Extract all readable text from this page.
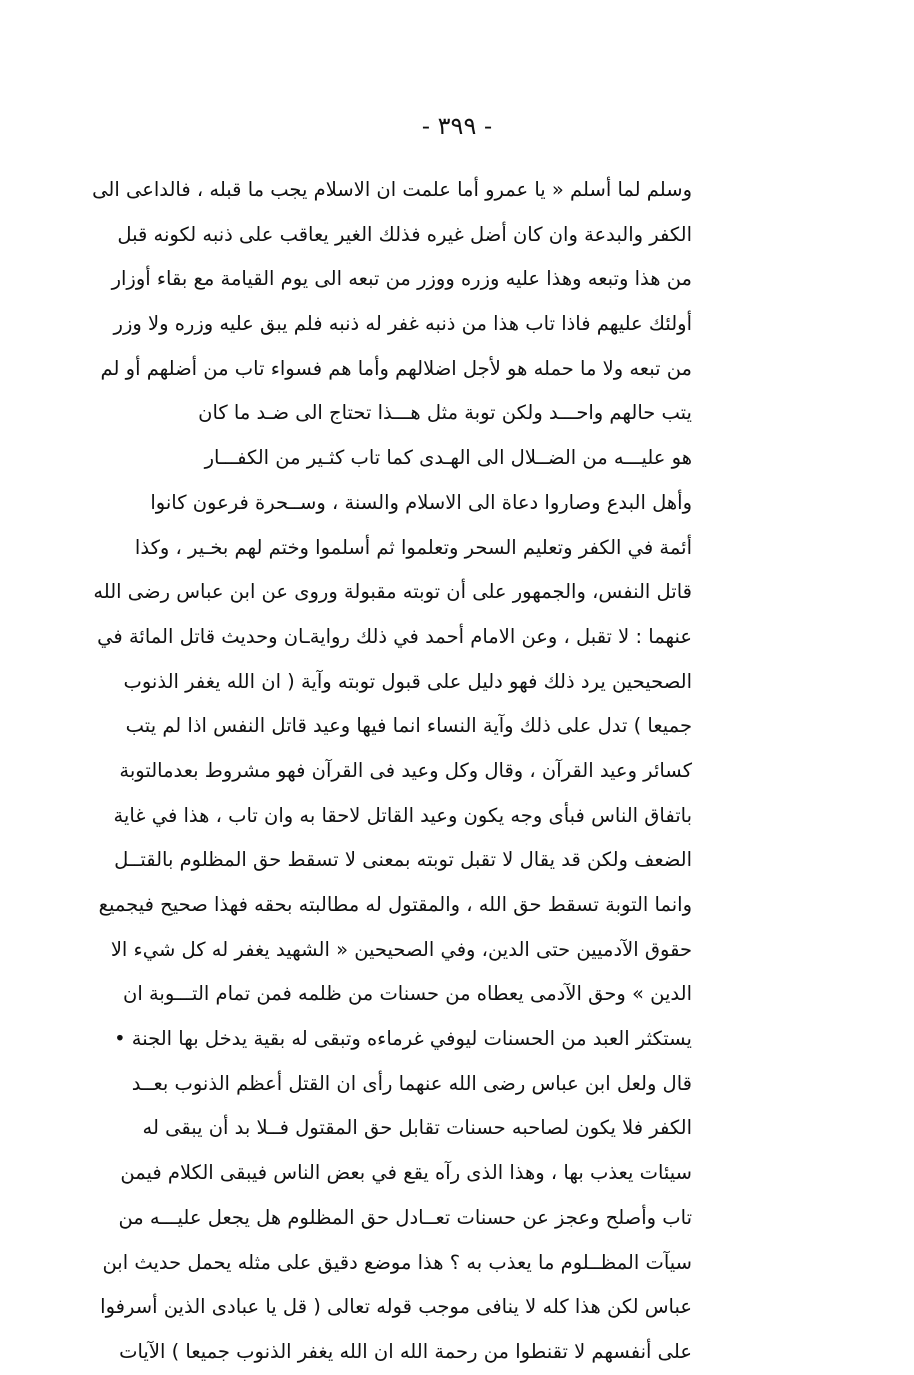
- ٣٩٩ -
وسلم لما أسلم « يا عمرو أما علمت ان الاسلام يجب ما قبله ، فالداعى الى
الكفر والبدعة وان كان أضل غيره فذلك الغير يعاقب على ذنبه لكونه قبل
من هذا وتبعه وهذا عليه وزره ووزر من تبعه الى يوم القيامة مع بقاء أوزار
أولئك عليهم فاذا تاب هذا من ذنبه غفر له ذنبه فلم يبق عليه وزره ولا وزر
من تبعه ولا ما حمله هو لأجل اضلالهم وأما هم فسواء تاب من أضلهم أو لم
يتب حالهم واحـــد ولكن توبة مثل هـــذا تحتاج الى ضـد ما كان
هو عليـــه من الضــلال الى الهـدى كما تاب كثـير من الكفـــار
وأهل البدع وصاروا دعاة الى الاسلام والسنة ، وســحرة فرعون كانوا
أئمة في الكفر وتعليم السحر وتعلموا ثم أسلموا وختم لهم بخـير ، وكذا
قاتل النفس، والجمهور على أن توبته مقبولة وروى عن ابن عباس رضى الله
عنهما : لا تقبل ، وعن الامام أحمد في ذلك روايةـان وحديث قاتل المائة في
الصحيحين يرد ذلك فهو دليل على قبول توبته وآية ( ان الله يغفر الذنوب
جميعا ) تدل على ذلك وآية النساء انما فيها وعيد قاتل النفس اذا لم يتب
كسائر وعيد القرآن ، وقال وكل وعيد فى القرآن فهو مشروط بعدمالتوبة
باتفاق الناس فبأى وجه يكون وعيد القاتل لاحقا به وان تاب ، هذا في غاية
الضعف ولكن قد يقال لا تقبل توبته بمعنى لا تسقط حق المظلوم بالقتــل
وانما التوبة تسقط حق الله ، والمقتول له مطالبته بحقه فهذا صحيح فيجميع
حقوق الآدميين حتى الدين، وفي الصحيحين « الشهيد يغفر له كل شيء الا
الدين » وحق الآدمى يعطاه من حسنات من ظلمه فمن تمام التـــوبة ان
يستكثر العبد من الحسنات ليوفي غرماءه وتبقى له بقية يدخل بها الجنة •
قال ولعل ابن عباس رضى الله عنهما رأى ان القتل أعظم الذنوب بعــد
الكفر فلا يكون لصاحبه حسنات تقابل حق المقتول فــلا بد أن يبقى له
سيئات يعذب بها ، وهذا الذى رآه يقع في بعض الناس فيبقى الكلام فيمن
تاب وأصلح وعجز عن حسنات تعــادل حق المظلوم هل يجعل عليـــه من
سيآت المظــلوم ما يعذب به ؟ هذا موضع دقيق على مثله يحمل حديث ابن
عباس لكن هذا كله لا ينافى موجب قوله تعالى ( قل يا عبادى الذين أسرفوا
على أنفسهم لا تقنطوا من رحمة الله ان الله يغفر الذنوب جميعا ) الآيات
